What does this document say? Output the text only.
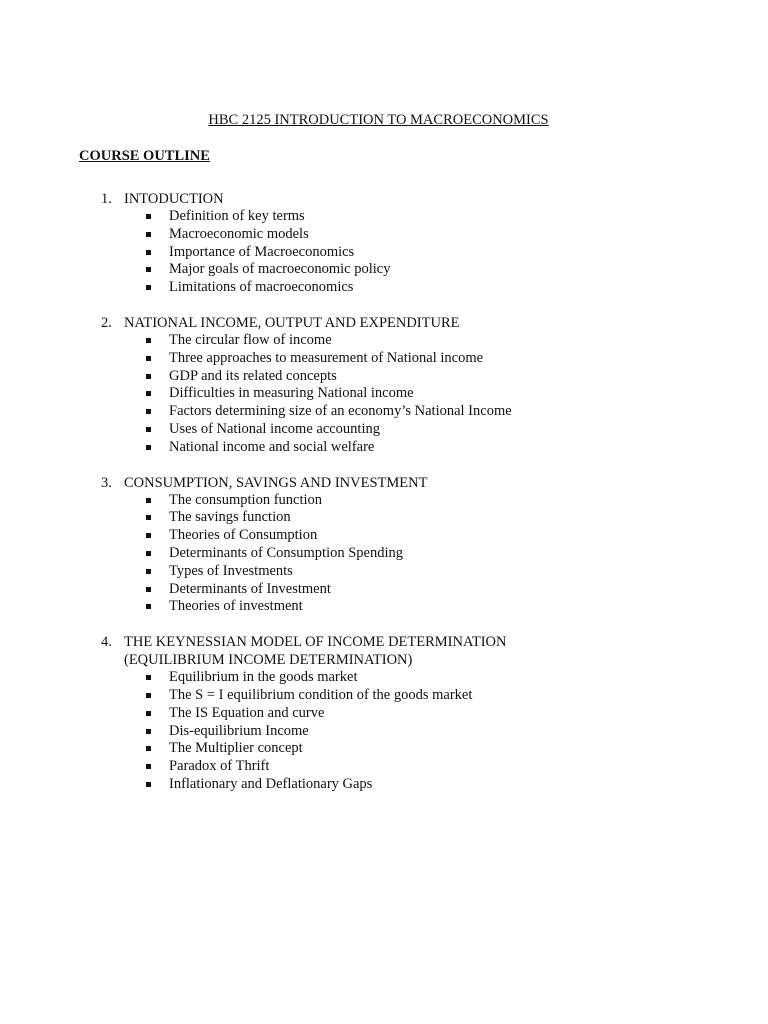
HBC 2125 INTRODUCTION TO MACROECONOMICS
COURSE OUTLINE
1. INTODUCTION
Definition of key terms
Macroeconomic models
Importance of Macroeconomics
Major goals of macroeconomic policy
Limitations of macroeconomics
2. NATIONAL INCOME, OUTPUT AND EXPENDITURE
The circular flow of income
Three approaches to measurement of National income
GDP and its related concepts
Difficulties in measuring National income
Factors determining size of an economy’s National Income
Uses of National income accounting
National income and social welfare
3. CONSUMPTION, SAVINGS AND INVESTMENT
The consumption function
The savings function
Theories of Consumption
Determinants of Consumption Spending
Types of Investments
Determinants of Investment
Theories of investment
4. THE KEYNESSIAN MODEL OF INCOME DETERMINATION
(EQUILIBRIUM INCOME DETERMINATION)
Equilibrium in the goods market
The S = I equilibrium condition of the goods market
The IS Equation and curve
Dis-equilibrium Income
The Multiplier concept
Paradox of Thrift
Inflationary and Deflationary Gaps
